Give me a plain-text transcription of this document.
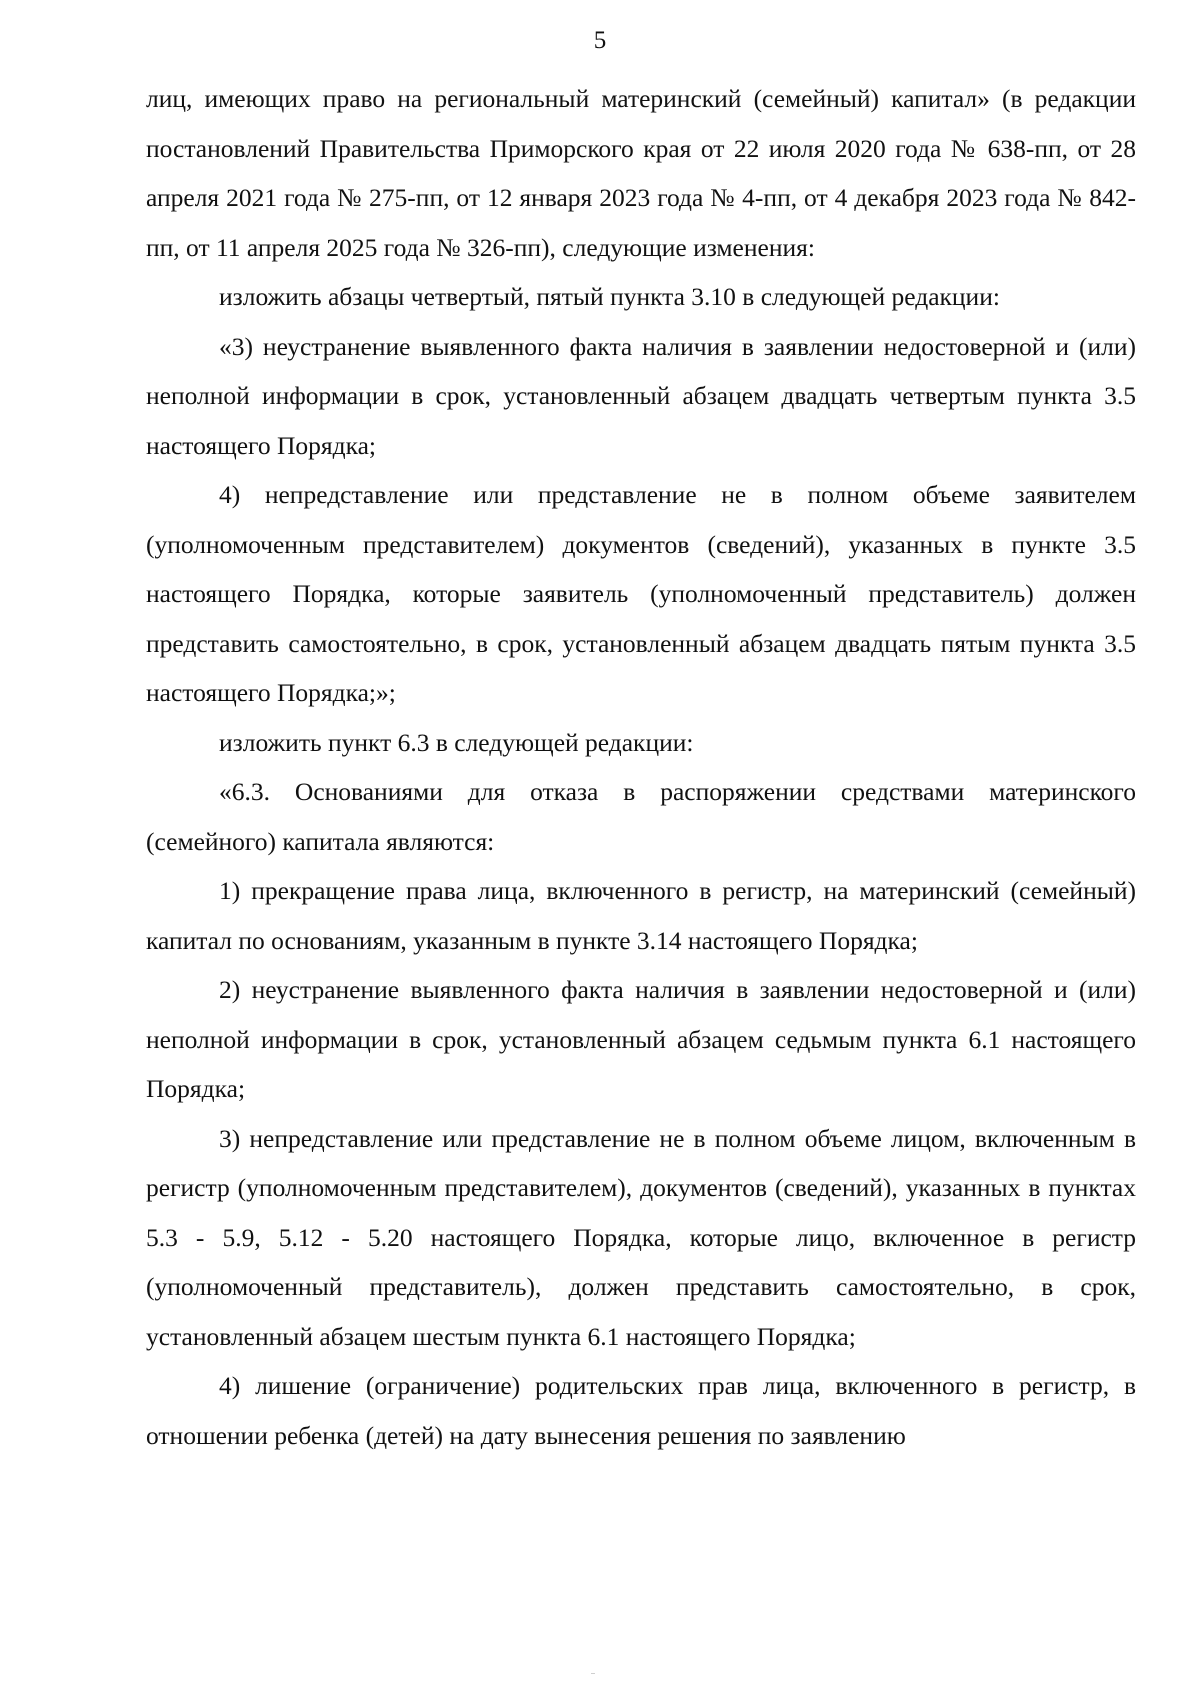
5

лиц, имеющих право на региональный материнский (семейный) капитал» (в редакции постановлений Правительства Приморского края от 22 июля 2020 года № 638-пп, от 28 апреля 2021 года № 275-пп, от 12 января 2023 года № 4-пп, от 4 декабря 2023 года № 842-пп, от 11 апреля 2025 года № 326-пп), следующие изменения:

изложить абзацы четвертый, пятый пункта 3.10 в следующей редакции:

«3) неустранение выявленного факта наличия в заявлении недостоверной и (или) неполной информации в срок, установленный абзацем двадцать четвертым пункта 3.5 настоящего Порядка;

4) непредставление или представление не в полном объеме заявителем (уполномоченным представителем) документов (сведений), указанных в пункте 3.5 настоящего Порядка, которые заявитель (уполномоченный представитель) должен представить самостоятельно, в срок, установленный абзацем двадцать пятым пункта 3.5 настоящего Порядка;»;

изложить пункт 6.3 в следующей редакции:

«6.3. Основаниями для отказа в распоряжении средствами материнского (семейного) капитала являются:

1) прекращение права лица, включенного в регистр, на материнский (семейный) капитал по основаниям, указанным в пункте 3.14 настоящего Порядка;

2) неустранение выявленного факта наличия в заявлении недостоверной и (или) неполной информации в срок, установленный абзацем седьмым пункта 6.1 настоящего Порядка;

3) непредставление или представление не в полном объеме лицом, включенным в регистр (уполномоченным представителем), документов (сведений), указанных в пунктах 5.3 - 5.9, 5.12 - 5.20 настоящего Порядка, которые лицо, включенное в регистр (уполномоченный представитель), должен представить самостоятельно, в срок, установленный абзацем шестым пункта 6.1 настоящего Порядка;

4) лишение (ограничение) родительских прав лица, включенного в регистр, в отношении ребенка (детей) на дату вынесения решения по заявлению
